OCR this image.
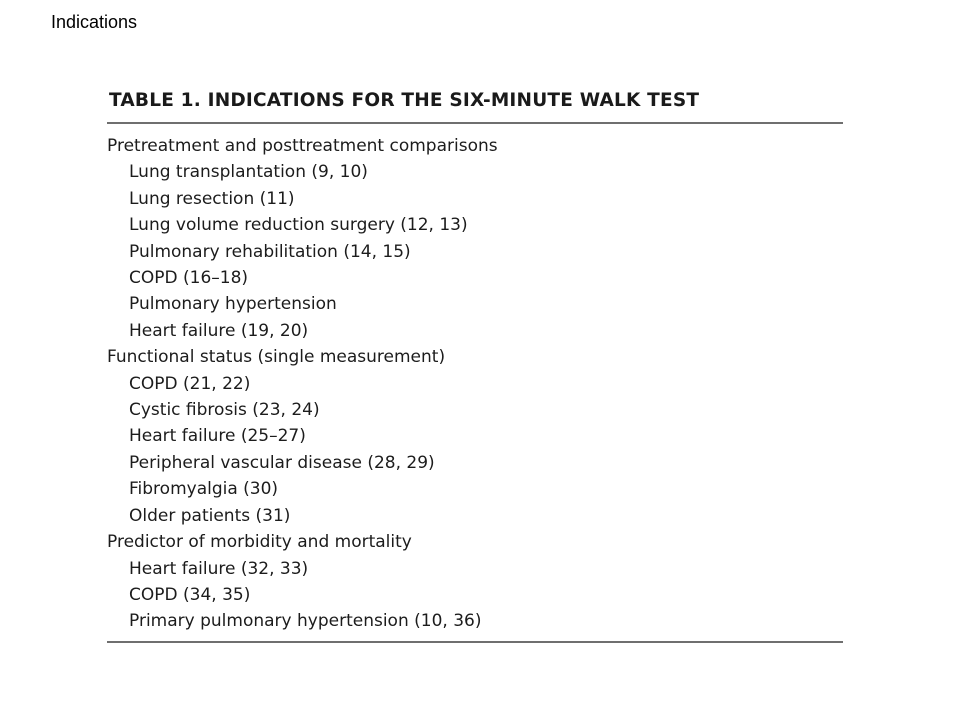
Indications
TABLE 1. INDICATIONS FOR THE SIX-MINUTE WALK TEST
Pretreatment and posttreatment comparisons
Lung transplantation (9, 10)
Lung resection (11)
Lung volume reduction surgery (12, 13)
Pulmonary rehabilitation (14, 15)
COPD (16–18)
Pulmonary hypertension
Heart failure (19, 20)
Functional status (single measurement)
COPD (21, 22)
Cystic fibrosis (23, 24)
Heart failure (25–27)
Peripheral vascular disease (28, 29)
Fibromyalgia (30)
Older patients (31)
Predictor of morbidity and mortality
Heart failure (32, 33)
COPD (34, 35)
Primary pulmonary hypertension (10, 36)
